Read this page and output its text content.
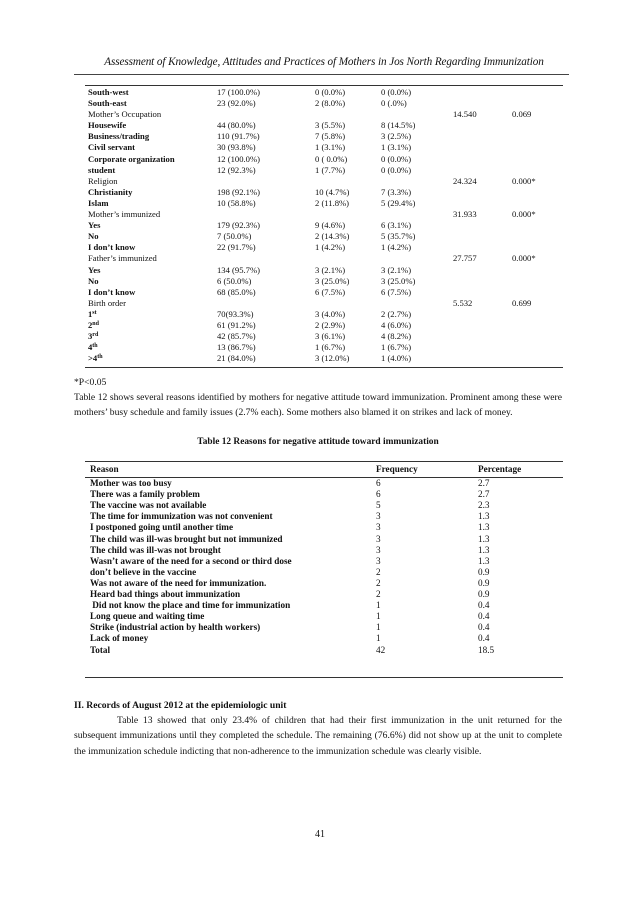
Assessment of Knowledge, Attitudes and Practices of Mothers in Jos North Regarding Immunization
South-west	17 (100.0%)	0 (0.0%)	0 (0.0%)		
South-east	23 (92.0%)	2 (8.0%)	0 (.0%)		
Mother’s Occupation				14.540	0.069
Housewife	44 (80.0%)	3 (5.5%)	8 (14.5%)		
Business/trading	110 (91.7%)	7 (5.8%)	3 (2.5%)		
Civil servant	30 (93.8%)	1 (3.1%)	1 (3.1%)		
Corporate organization	12 (100.0%)	0 ( 0.0%)	0 (0.0%)		
student	12 (92.3%)	1 (7.7%)	0 (0.0%)		
Religion				24.324	0.000*
Christianity	198 (92.1%)	10 (4.7%)	7 (3.3%)		
Islam	10 (58.8%)	2 (11.8%)	5 (29.4%)		
Mother’s immunized				31.933	0.000*
Yes	179 (92.3%)	9 (4.6%)	6 (3.1%)		
No	7 (50.0%)	2 (14.3%)	5 (35.7%)		
I don’t know	22 (91.7%)	1 (4.2%)	1 (4.2%)		
Father’s immunized				27.757	0.000*
Yes	134 (95.7%)	3 (2.1%)	3 (2.1%)		
No	6 (50.0%)	3 (25.0%)	3 (25.0%)		
I don’t know	68 (85.0%)	6 (7.5%)	6 (7.5%)		
Birth order				5.532	0.699
1st	70(93.3%)	3 (4.0%)	2 (2.7%)		
2nd	61 (91.2%)	2 (2.9%)	4 (6.0%)		
3rd	42 (85.7%)	3 (6.1%)	4 (8.2%)		
4th	13 (86.7%)	1 (6.7%)	1 (6.7%)		
>4th	21 (84.0%)	3 (12.0%)	1 (4.0%)		
*P<0.05
Table 12 shows several reasons identified by mothers for negative attitude toward immunization. Prominent among these were mothers’ busy schedule and family issues (2.7% each). Some mothers also blamed it on strikes and lack of money.
Table 12 Reasons for negative attitude toward immunization
Reason	Frequency	Percentage
Mother was too busy	6	2.7
There was a family problem	6	2.7
The vaccine was not available	5	2.3
The time for immunization was not convenient	3	1.3
I postponed going until another time	3	1.3
The child was ill-was brought but not immunized	3	1.3
The child was ill-was not brought	3	1.3
Wasn’t aware of the need for a second or third dose	3	1.3
don’t believe in the vaccine	2	0.9
Was not aware of the need for immunization.	2	0.9
Heard bad things about immunization	2	0.9
Did not know the place and time for immunization	1	0.4
Long queue and waiting time	1	0.4
Strike (industrial action by health workers)	1	0.4
Lack of money	1	0.4
Total	42	18.5
II. Records of August 2012 at the epidemiologic unit
Table 13 showed that only 23.4% of children that had their first immunization in the unit returned for the subsequent immunizations until they completed the schedule. The remaining (76.6%) did not show up at the unit to complete the immunization schedule indicting that non-adherence to the immunization schedule was clearly visible.
41
